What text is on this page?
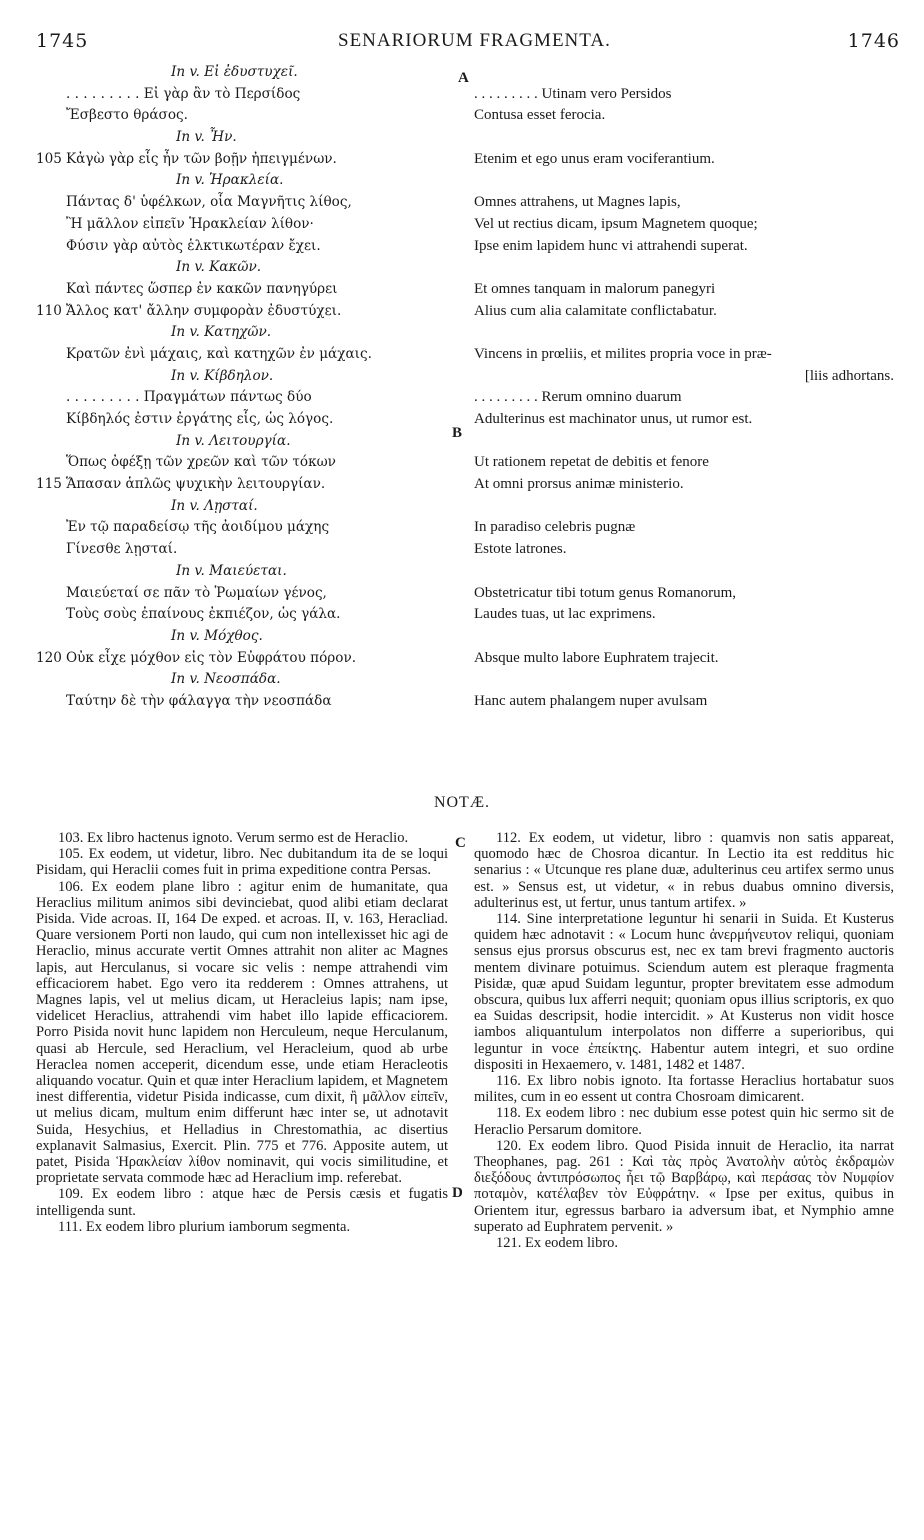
1745	SENARIORUM FRAGMENTA.	1746
In v. Εἰ ἐδυστυχεῖ.
. . . . . . . . . Εἰ γὰρ ἂν τὸ Περσίδος
Ἔσβεστο θράσος.
In v. Ἦν.
105 Κἀγὼ γὰρ εἷς ἦν τῶν βοῇν ἠπειγμένων.
In v. Ἡρακλεία.
Πάντας δ' ὑφέλκων, οἷα Μαγνῆτις λίθος,
Ἢ μᾶλλον εἰπεῖν Ἡρακλείαν λίθον·
Φύσιν γὰρ αὐτὸς ἑλκτικωτέραν ἔχει.
In v. Κακῶν.
Καὶ πάντες ὥσπερ ἐν κακῶν πανηγύρει
110 Ἄλλος κατ' ἄλλην συμφορὰν ἐδυστύχει.
In v. Κατηχῶν.
Κρατῶν ἐνὶ μάχαις, καὶ κατηχῶν ἐν μάχαις.
In v. Κίβδηλον.
. . . . . . . . . Πραγμάτων πάντως δύο
Κίβδηλός ἐστιν ἐργάτης εἷς, ὡς λόγος.
In v. Λειτουργία.
Ὅπως ὀφέξῃ τῶν χρεῶν καὶ τῶν τόκων
115 Ἅπασαν ἁπλῶς ψυχικὴν λειτουργίαν.
In v. Λῃσταί.
Ἐν τῷ παραδείσῳ τῆς ἀοιδίμου μάχης
Γίνεσθε λῃσταί.
In v. Μαιεύεται.
Μαιεύεταί σε πᾶν τὸ Ῥωμαίων γένος,
Τοὺς σοὺς ἐπαίνους ἐκπιέζον, ὡς γάλα.
In v. Μόχθος.
120 Οὐκ εἶχε μόχθον εἰς τὸν Εὐφράτου πόρον.
In v. Νεοσπάδα.
Ταύτην δὲ τὴν φάλαγγα τὴν νεοσπάδα
. . . . . . . . . Utinam vero Persidos
Contusa esset ferocia.
Etenim et ego unus eram vociferantium.
Omnes attrahens, ut Magnes lapis,
Vel ut rectius dicam, ipsum Magnetem quoque;
Ipse enim lapidem hunc vi attrahendi superat.
Et omnes tanquam in malorum panegyri
Alius cum alia calamitate conflictabatur.
Vincens in prœliis, et milites propria voce in præ-
[liis adhortans.
. . . . . . . . . Rerum omnino duarum
Adulterinus est machinator unus, ut rumor est.
Ut rationem repetat de debitis et fenore
At omni prorsus animæ ministerio.
In paradiso celebris pugnæ
Estote latrones.
Obstetricatur tibi totum genus Romanorum,
Laudes tuas, ut lac exprimens.
Absque multo labore Euphratem trajecit.
Hanc autem phalangem nuper avulsam
A
B
C
D
NOTÆ.

103. Ex libro hactenus ignoto. Verum sermo est de Heraclio.

105. Ex eodem, ut videtur, libro. Nec dubitandum ita de se loqui Pisidam, qui Heraclii comes fuit in prima expeditione contra Persas.

106. Ex eodem plane libro : agitur enim de humanitate, qua Heraclius militum animos sibi devinciebat, quod alibi etiam declarat Pisida. Vide acroas. II, 164 De exped. et acroas. II, v. 163, Heracliad. Quare versionem Porti non laudo, qui cum non intellexisset hic agi de Heraclio, minus accurate vertit Omnes attrahit non aliter ac Magnes lapis, aut Herculanus, si vocare sic velis : nempe attrahendi vim efficaciorem habet. Ego vero ita redderem : Omnes attrahens, ut Magnes lapis, vel ut melius dicam, ut Heracleius lapis; nam ipse, videlicet Heraclius, attrahendi vim habet illo lapide efficaciorem. Porro Pisida novit hunc lapidem non Herculeum, neque Herculanum, quasi ab Hercule, sed Heraclium, vel Heracleium, quod ab urbe Heraclea nomen acceperit, dicendum esse, unde etiam Heracleotis aliquando vocatur. Quin et quæ inter Heraclium lapidem, et Magnetem inest differentia, videtur Pisida indicasse, cum dixit, ἢ μᾶλλον εἰπεῖν, ut melius dicam, multum enim differunt hæc inter se, ut adnotavit Suida, Hesychius, et Helladius in Chrestomathia, ac disertius explanavit Salmasius, Exercit. Plin. 775 et 776. Apposite autem, ut patet, Pisida Ἡρακλείαν λίθον nominavit, qui vocis similitudine, et proprietate servata commode hæc ad Heraclium imp. referebat.

109. Ex eodem libro : atque hæc de Persis cæsis et fugatis intelligenda sunt.

111. Ex eodem libro plurium iamborum segmenta.

112. Ex eodem, ut videtur, libro : quamvis non satis appareat, quomodo hæc de Chosroa dicantur. In Lectio ita est redditus hic senarius : « Utcunque res plane duæ, adulterinus ceu artifex sermo unus est. » Sensus est, ut videtur, « in rebus duabus omnino diversis, adulterinus est, ut fertur, unus tantum artifex. »

114. Sine interpretatione leguntur hi senarii in Suida. Et Kusterus quidem hæc adnotavit : « Locum hunc ἀνερμήνευτον reliqui, quoniam sensus ejus prorsus obscurus est, nec ex tam brevi fragmento auctoris mentem divinare potuimus. Sciendum autem est pleraque fragmenta Pisidæ, quæ apud Suidam leguntur, propter brevitatem esse admodum obscura, quibus lux afferri nequit; quoniam opus illius scriptoris, ex quo ea Suidas descripsit, hodie intercidit. » At Kusterus non vidit hosce iambos aliquantulum interpolatos non differre a superioribus, qui leguntur in voce ἐπείκτης. Habentur autem integri, et suo ordine dispositi in Hexaemero, v. 1481, 1482 et 1487.

116. Ex libro nobis ignoto. Ita fortasse Heraclius hortabatur suos milites, cum in eo essent ut contra Chosroam dimicarent.

118. Ex eodem libro : nec dubium esse potest quin hic sermo sit de Heraclio Persarum domitore.

120. Ex eodem libro. Quod Pisida innuit de Heraclio, ita narrat Theophanes, pag. 261 : Καὶ τὰς πρὸς Ἀνατολὴν αὐτὸς ἐκδραμὼν διεξόδους ἀντιπρόσωπος ἦει τῷ Βαρβάρῳ, καὶ περάσας τὸν Νυμφίον ποταμὸν, κατέλαβεν τὸν Εὐφράτην. « Ipse per exitus, quibus in Orientem itur, egressus barbaro ia adversum ibat, et Nymphio amne superato ad Euphratem pervenit. »

121. Ex eodem libro.
